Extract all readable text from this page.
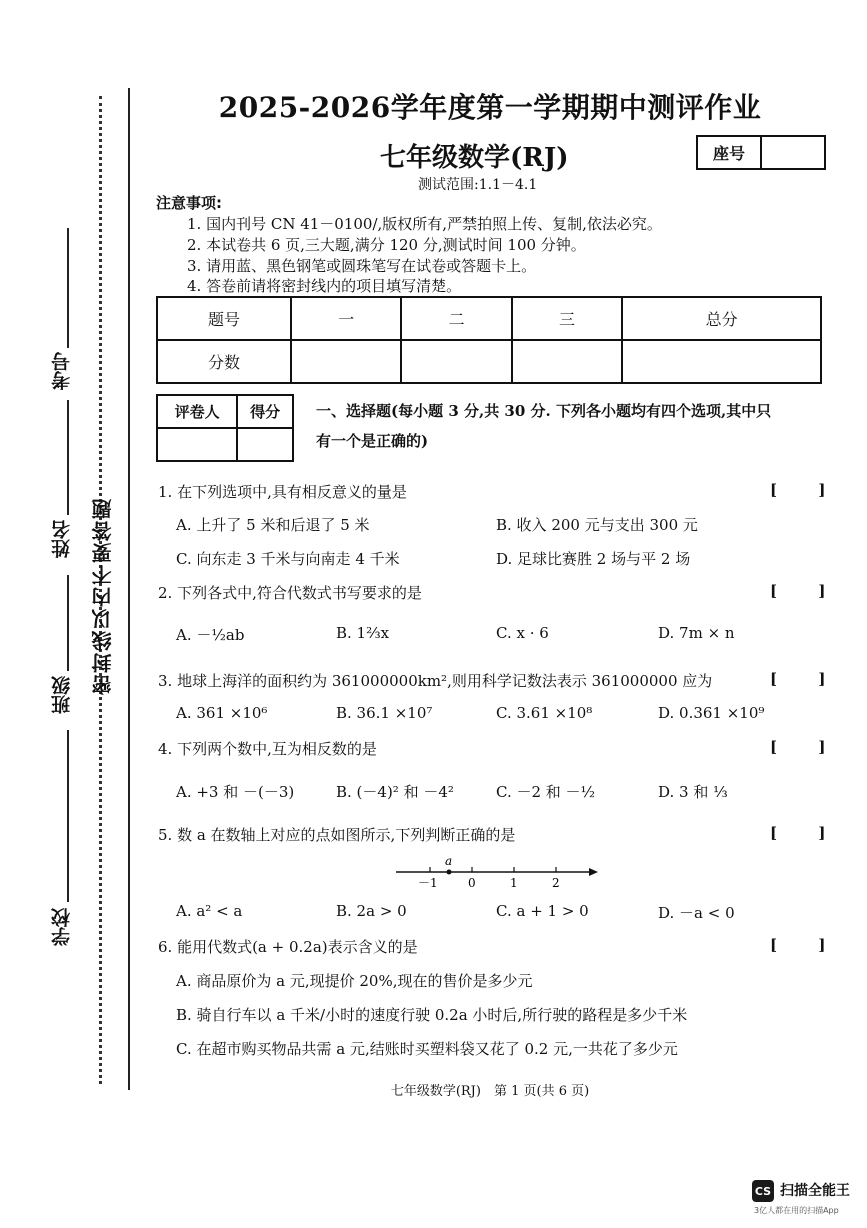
考号
姓名
班级
学校
密封线以内不要答题
2025-2026学年度第一学期期中测评作业
七年级数学(RJ)	座号
测试范围:1.1－4.1
注意事项:
1. 国内刊号 CN 41－0100/,版权所有,严禁拍照上传、复制,依法必究。
2. 本试卷共 6 页,三大题,满分 120 分,测试时间 100 分钟。
3. 请用蓝、黑色钢笔或圆珠笔写在试卷或答题卡上。
4. 答卷前请将密封线内的项目填写清楚。
题号	一	二	三	总分
分数				
评卷人	得分
	一、选择题(每小题 3 分,共 30 分. 下列各小题均有四个选项,其中只
有一个是正确的)
1. 在下列选项中,具有相反意义的量是	[ ]
A. 上升了 5 米和后退了 5 米	B. 收入 200 元与支出 300 元
C. 向东走 3 千米与向南走 4 千米	D. 足球比赛胜 2 场与平 2 场
2. 下列各式中,符合代数式书写要求的是	[ ]
A. －½ab	B. 1⅔x	C. x · 6	D. 7m × n
3. 地球上海洋的面积约为 361000000km²,则用科学记数法表示 361000000 应为	[ ]
A. 361 ×10⁶	B. 36.1 ×10⁷	C. 3.61 ×10⁸	D. 0.361 ×10⁹
4. 下列两个数中,互为相反数的是	[ ]
A. +3 和 －(－3)	B. (－4)² 和 －4²	C. －2 和 －½	D. 3 和 ⅓
5. 数 a 在数轴上对应的点如图所示,下列判断正确的是	[ ]
a
－1	0	1	2
A. a² < a	B. 2a > 0	C. a + 1 > 0	D. －a < 0
6. 能用代数式(a + 0.2a)表示含义的是	[ ]
A. 商品原价为 a 元,现提价 20%,现在的售价是多少元
B. 骑自行车以 a 千米/小时的速度行驶 0.2a 小时后,所行驶的路程是多少千米
C. 在超市购买物品共需 a 元,结账时买塑料袋又花了 0.2 元,一共花了多少元
七年级数学(RJ)　第 1 页(共 6 页)
CS 扫描全能王
3亿人都在用的扫描App
